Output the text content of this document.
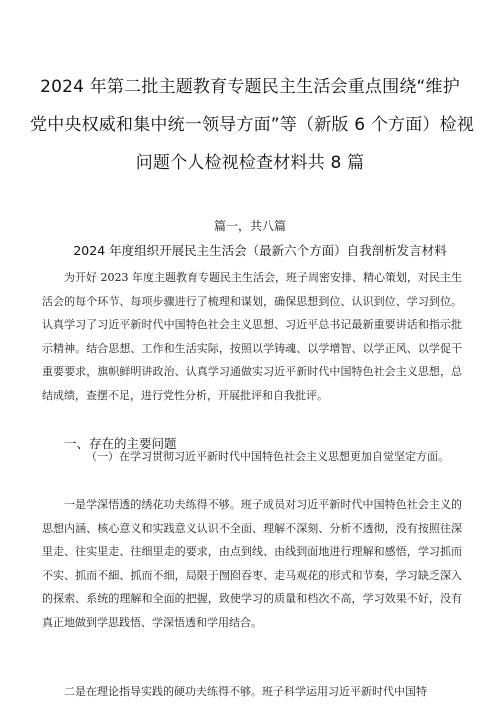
2024 年第二批主题教育专题民主生活会重点围绕“维护
党中央权威和集中统一领导方面”等（新版 6 个方面）检视
问题个人检视检查材料共 8 篇
篇一，共八篇
2024 年度组织开展民主生活会（最新六个方面）自我剖析发言材料
为开好 2023 年度主题教育专题民主生活会，班子周密安排、精心策划，对民主生活会的每个环节、每项步骤进行了梳理和谋划，确保思想到位、认识到位、学习到位。认真学习了习近平新时代中国特色社会主义思想、习近平总书记最新重要讲话和指示批示精神。结合思想、工作和生活实际，按照以学铸魂、以学增智、以学正风、以学促干重要要求，旗帜鲜明讲政治、认真学习通做实习近平新时代中国特色社会主义思想，总结成绩，查摆不足，进行党性分析，开展批评和自我批评。
一、存在的主要问题
（一）在学习贯彻习近平新时代中国特色社会主义思想更加自觉坚定方面。
一是学深悟透的绣花功夫练得不够。班子成员对习近平新时代中国特色社会主义的思想内涵、核心意义和实践意义认识不全面、理解不深刻、分析不透彻，没有按照往深里走、往实里走、往细里走的要求，由点到线、由线到面地进行理解和感悟，学习抓而不实、抓而不細、抓而不细，局限于囫囵吞枣、走马观花的形式和节奏，学习缺乏深入的探索、系统的理解和全面的把握，致使学习的质量和档次不高，学习效果不好，没有真正地做到学思践悟、学深悟透和学用结合。
二是在理论指导实践的硬功夫练得不够。班子科学运用习近平新时代中国特
